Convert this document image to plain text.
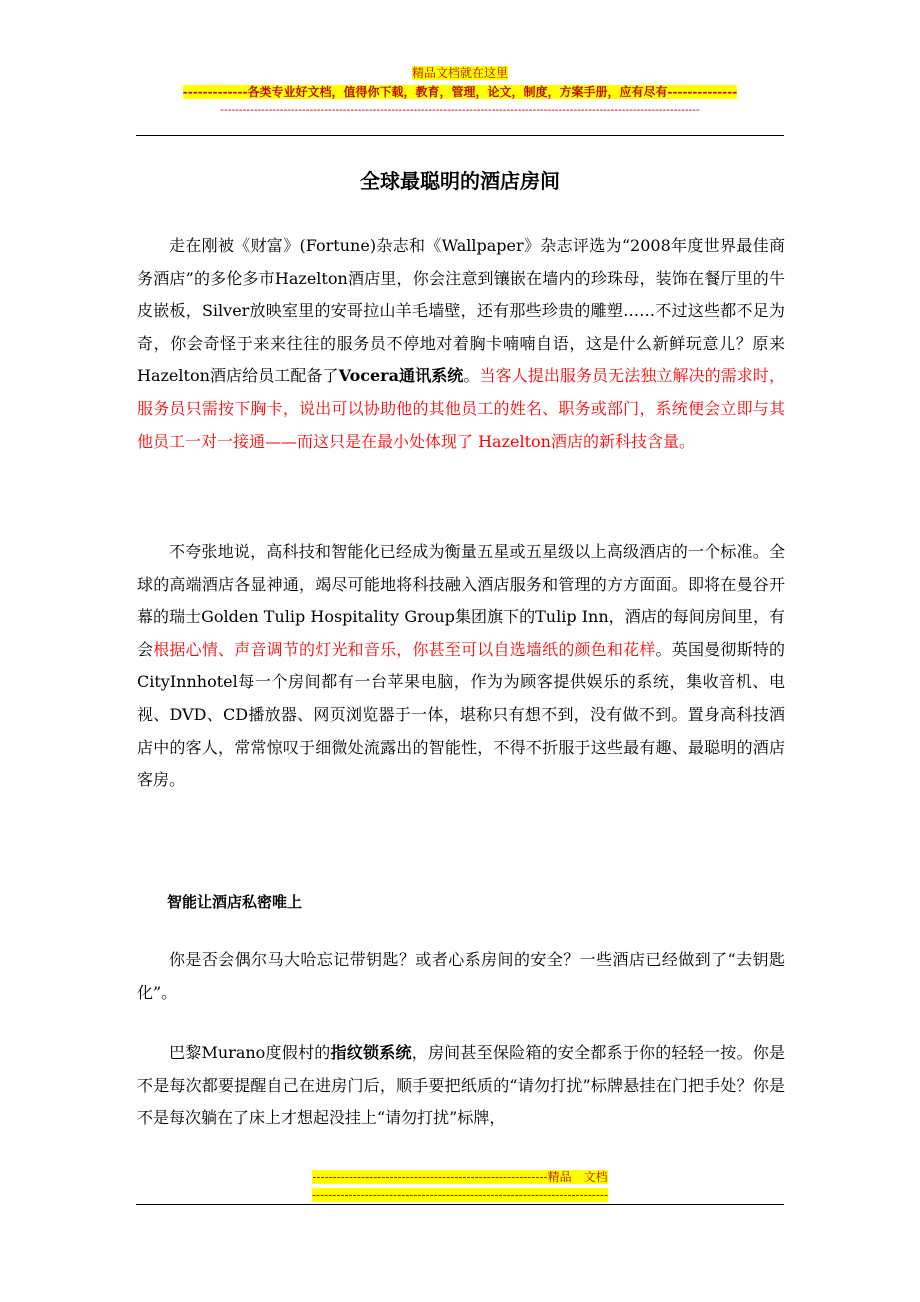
精品文档就在这里
-------------各类专业好文档，值得你下载，教育，管理，论文，制度，方案手册，应有尽有--------------
---------------------------------------------------------------------------------------------------------------------------------
全球最聪明的酒店房间

走在刚被《财富》(Fortune)杂志和《Wallpaper》杂志评选为“2008年度世界最佳商务酒店”的多伦多市Hazelton酒店里，你会注意到镶嵌在墙内的珍珠母，装饰在餐厅里的牛皮嵌板，Silver放映室里的安哥拉山羊毛墙壁，还有那些珍贵的雕塑……不过这些都不足为奇，你会奇怪于来来往往的服务员不停地对着胸卡喃喃自语，这是什么新鲜玩意儿？原来Hazelton酒店给员工配备了Vocera通讯系统。当客人提出服务员无法独立解决的需求时，服务员只需按下胸卡，说出可以协助他的其他员工的姓名、职务或部门，系统便会立即与其他员工一对一接通——而这只是在最小处体现了 Hazelton酒店的新科技含量。

不夸张地说，高科技和智能化已经成为衡量五星或五星级以上高级酒店的一个标准。全球的高端酒店各显神通，竭尽可能地将科技融入酒店服务和管理的方方面面。即将在曼谷开幕的瑞士Golden Tulip Hospitality Group集团旗下的Tulip Inn，酒店的每间房间里，有会根据心情、声音调节的灯光和音乐，你甚至可以自选墙纸的颜色和花样。英国曼彻斯特的CityInnhotel每一个房间都有一台苹果电脑，作为为顾客提供娱乐的系统，集收音机、电视、DVD、CD播放器、网页浏览器于一体，堪称只有想不到，没有做不到。置身高科技酒店中的客人，常常惊叹于细微处流露出的智能性，不得不折服于这些最有趣、最聪明的酒店客房。

智能让酒店私密唯上

你是否会偶尔马大哈忘记带钥匙？或者心系房间的安全？一些酒店已经做到了“去钥匙化”。

巴黎Murano度假村的指纹锁系统，房间甚至保险箱的安全都系于你的轻轻一按。你是不是每次都要提醒自己在进房门后，顺手要把纸质的“请勿打扰”标牌悬挂在门把手处？你是不是每次躺在了床上才想起没挂上“请勿打扰”标牌，

----------------------------------------------------------精品　文档
-------------------------------------------------------------------------
